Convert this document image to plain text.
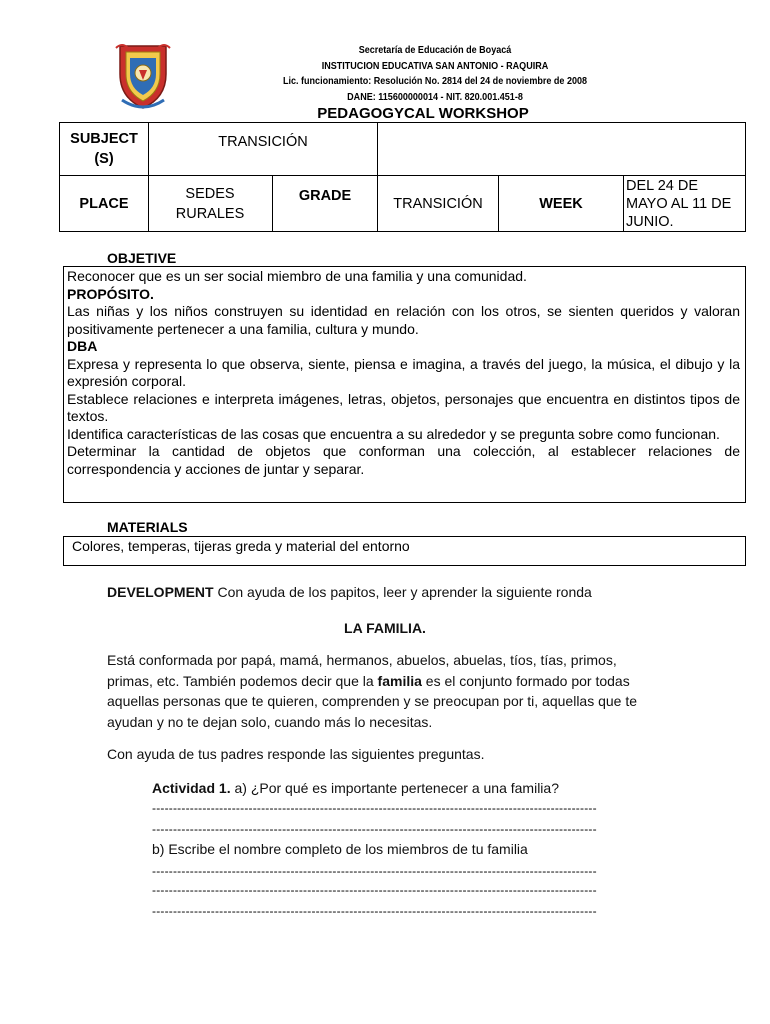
Secretaría de Educación de Boyacá
INSTITUCION EDUCATIVA SAN ANTONIO - RAQUIRA
Lic. funcionamiento: Resolución No. 2814 del 24 de noviembre de 2008
DANE: 115600000014 - NIT. 820.001.451-8
PEDAGOGYCAL WORKSHOP
SUBJECT (S)
TRANSICIÓN
PLACE
SEDES RURALES
GRADE	TRANSICIÓN	WEEK
DEL 24 DE MAYO AL 11 DE JUNIO.
OBJETIVE
Reconocer que es un ser social miembro de una familia y una comunidad.
PROPÓSITO.
Las niñas y los niños construyen su identidad en relación con los otros, se sienten queridos y valoran positivamente pertenecer a una familia, cultura y mundo.
DBA
Expresa y representa lo que observa, siente, piensa e imagina, a través del juego, la música, el dibujo y la expresión corporal.
Establece relaciones e interpreta imágenes, letras, objetos, personajes que encuentra en distintos tipos de textos.
Identifica características de las cosas que encuentra a su alrededor y se pregunta sobre como funcionan.
Determinar la cantidad de objetos que conforman una colección, al establecer relaciones de correspondencia y acciones de juntar y separar.
MATERIALS
Colores, temperas, tijeras greda y material del entorno
DEVELOPMENT Con ayuda de los papitos, leer y aprender la siguiente ronda
LA FAMILIA.
Está conformada por papá, mamá, hermanos, abuelos, abuelas, tíos, tías, primos, primas, etc. También podemos decir que la familia es el conjunto formado por todas aquellas personas que te quieren, comprenden y se preocupan por ti, aquellas que te ayudan y no te dejan solo, cuando más lo necesitas.
Con ayuda de tus padres responde las siguientes preguntas.
Actividad 1. a) ¿Por qué es importante pertenecer a una familia?
----------------------------------------------------------------------------------------------------------
----------------------------------------------------------------------------------------------------------
b) Escribe el nombre completo de los miembros de tu familia
----------------------------------------------------------------------------------------------------------
----------------------------------------------------------------------------------------------------------
----------------------------------------------------------------------------------------------------------
